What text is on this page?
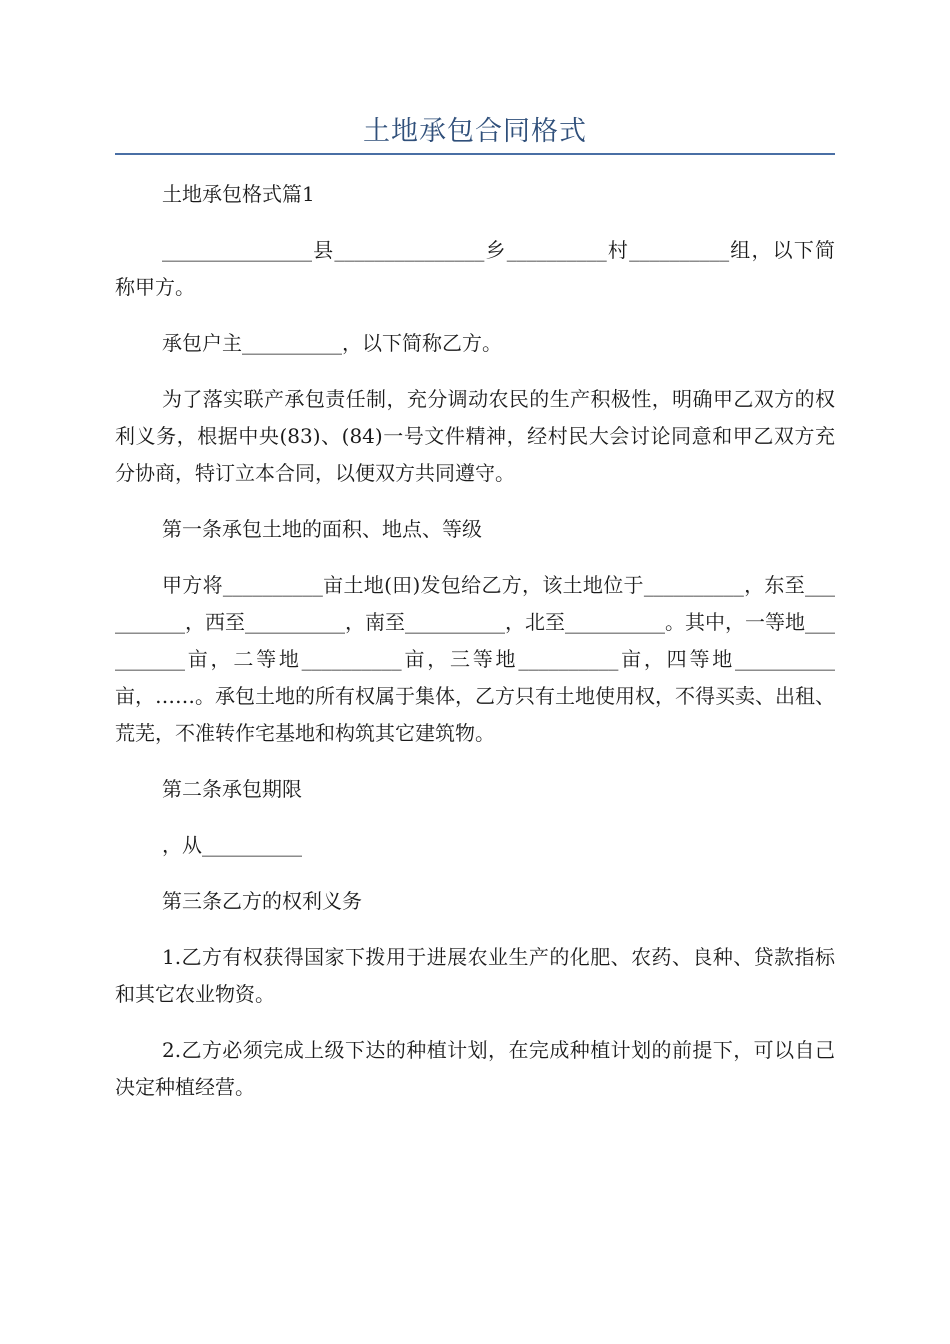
土地承包合同格式

土地承包格式篇1

_______________县_______________乡__________村__________组，以下简称甲方。

承包户主__________，以下简称乙方。

为了落实联产承包责任制，充分调动农民的生产积极性，明确甲乙双方的权利义务，根据中央(83)、(84)一号文件精神，经村民大会讨论同意和甲乙双方充分协商，特订立本合同，以便双方共同遵守。

第一条承包土地的面积、地点、等级

甲方将__________亩土地(田)发包给乙方，该土地位于__________，东至__________，西至__________，南至__________，北至__________。其中，一等地__________亩，二等地__________亩，三等地__________亩，四等地__________亩，……。承包土地的所有权属于集体，乙方只有土地使用权，不得买卖、出租、荒芜，不准转作宅基地和构筑其它建筑物。

第二条承包期限

，从__________

第三条乙方的权利义务

1.乙方有权获得国家下拨用于进展农业生产的化肥、农药、良种、贷款指标和其它农业物资。

2.乙方必须完成上级下达的种植计划，在完成种植计划的前提下，可以自己决定种植经营。
